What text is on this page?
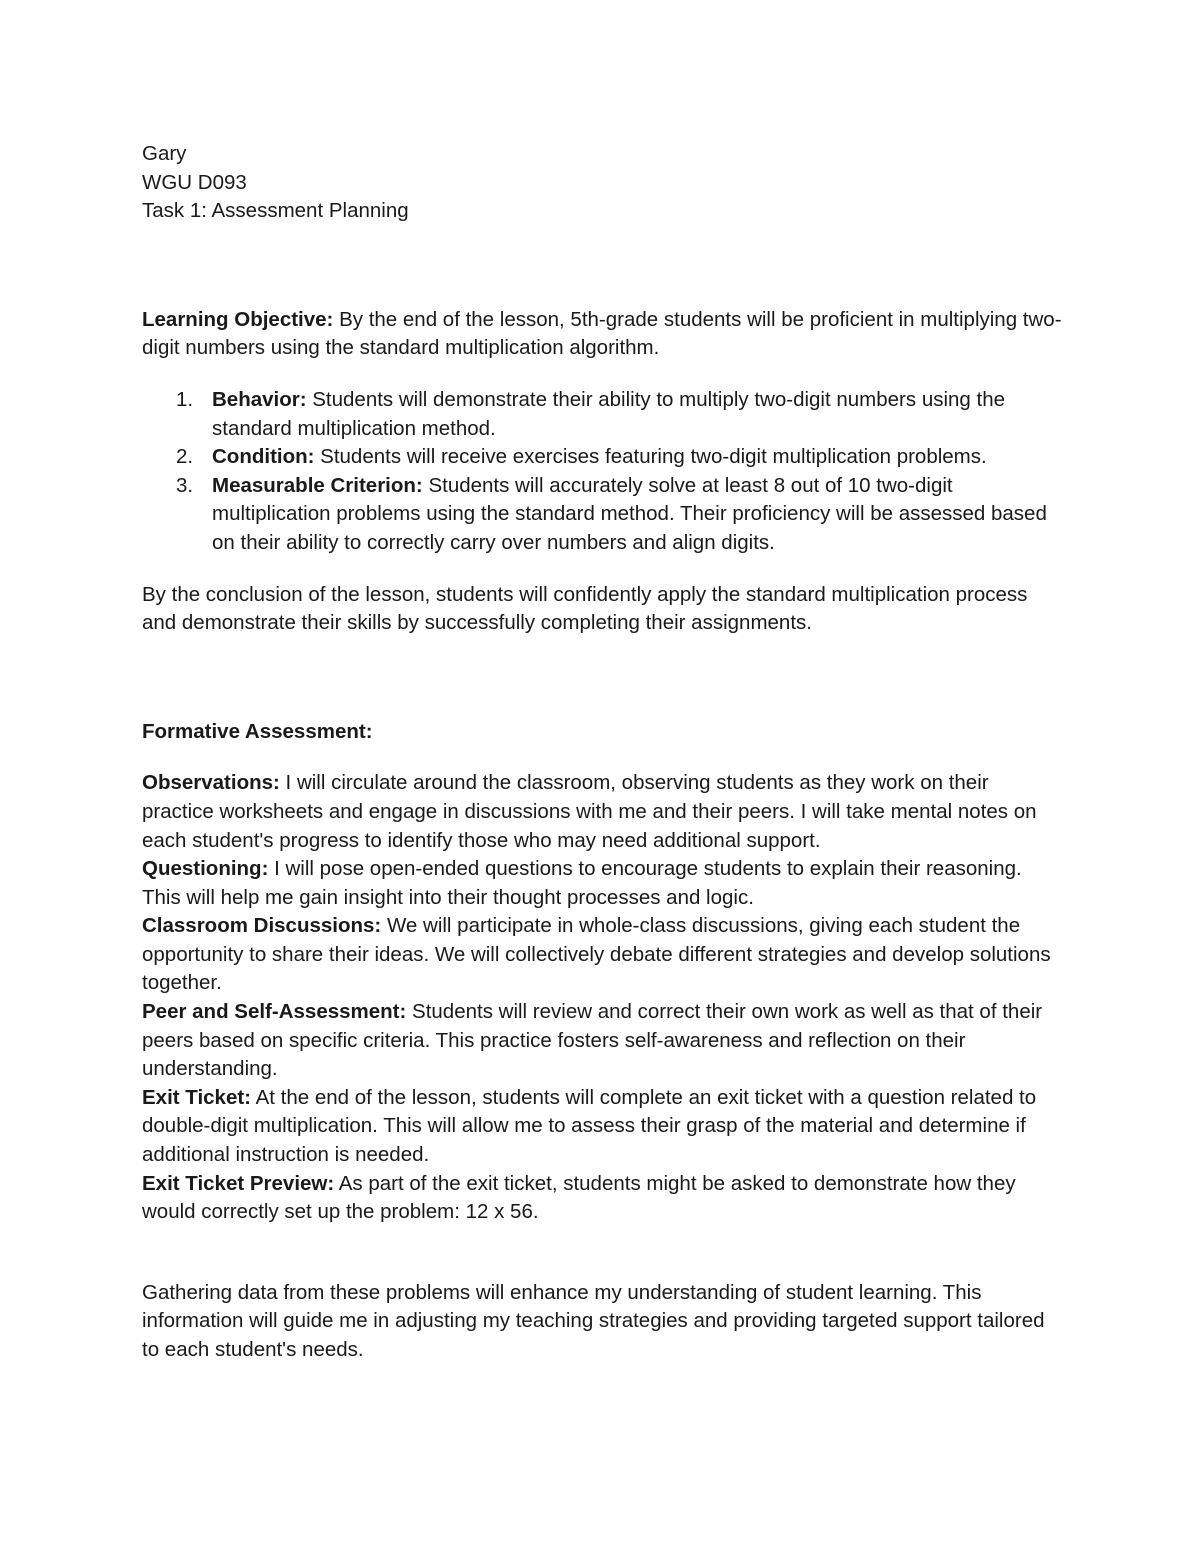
Gary

WGU D093

Task 1: Assessment Planning

Learning Objective: By the end of the lesson, 5th-grade students will be proficient in multiplying two-digit numbers using the standard multiplication algorithm.

1. Behavior: Students will demonstrate their ability to multiply two-digit numbers using the standard multiplication method.
2. Condition: Students will receive exercises featuring two-digit multiplication problems.
3. Measurable Criterion: Students will accurately solve at least 8 out of 10 two-digit multiplication problems using the standard method. Their proficiency will be assessed based on their ability to correctly carry over numbers and align digits.

By the conclusion of the lesson, students will confidently apply the standard multiplication process and demonstrate their skills by successfully completing their assignments.

Formative Assessment:

Observations: I will circulate around the classroom, observing students as they work on their practice worksheets and engage in discussions with me and their peers. I will take mental notes on each student's progress to identify those who may need additional support.

Questioning: I will pose open-ended questions to encourage students to explain their reasoning. This will help me gain insight into their thought processes and logic.

Classroom Discussions: We will participate in whole-class discussions, giving each student the opportunity to share their ideas. We will collectively debate different strategies and develop solutions together.

Peer and Self-Assessment: Students will review and correct their own work as well as that of their peers based on specific criteria. This practice fosters self-awareness and reflection on their understanding.

Exit Ticket: At the end of the lesson, students will complete an exit ticket with a question related to double-digit multiplication. This will allow me to assess their grasp of the material and determine if additional instruction is needed.

Exit Ticket Preview: As part of the exit ticket, students might be asked to demonstrate how they would correctly set up the problem: 12 x 56.

Gathering data from these problems will enhance my understanding of student learning. This information will guide me in adjusting my teaching strategies and providing targeted support tailored to each student's needs.
